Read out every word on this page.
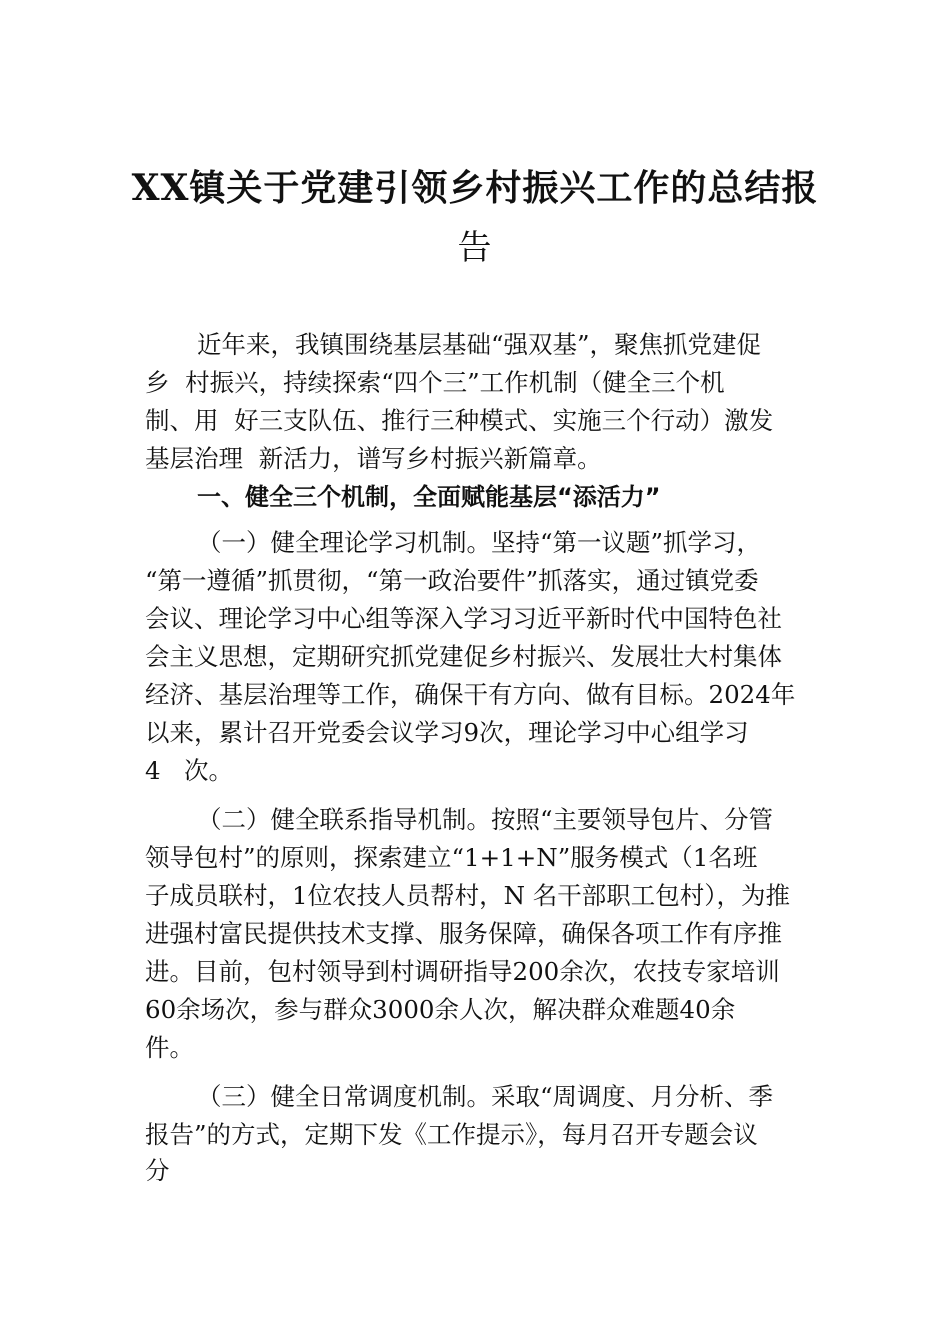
XX镇关于党建引领乡村振兴工作的总结报
告
近年来，我镇围绕基层基础“强双基”，聚焦抓党建促
乡  村振兴，持续探索“四个三”工作机制（健全三个机
制、用  好三支队伍、推行三种模式、实施三个行动）激发
基层治理  新活力，谱写乡村振兴新篇章。
一、健全三个机制，全面赋能基层“添活力”
（一）健全理论学习机制。坚持“第一议题”抓学习，
“第一遵循”抓贯彻，“第一政治要件”抓落实，通过镇党委
会议、理论学习中心组等深入学习习近平新时代中国特色社
会主义思想，定期研究抓党建促乡村振兴、发展壮大村集体
经济、基层治理等工作，确保干有方向、做有目标。2024年
以来，累计召开党委会议学习9次，理论学习中心组学习
4   次。
（二）健全联系指导机制。按照“主要领导包片、分管
领导包村”的原则，探索建立“1+1+N”服务模式（1名班
子成员联村，1位农技人员帮村，N 名干部职工包村），为推
进强村富民提供技术支撑、服务保障，确保各项工作有序推
进。目前，包村领导到村调研指导200余次，农技专家培训
60余场次，参与群众3000余人次，解决群众难题40余
件。
（三）健全日常调度机制。采取“周调度、月分析、季
报告”的方式，定期下发《工作提示》，每月召开专题会议
分
